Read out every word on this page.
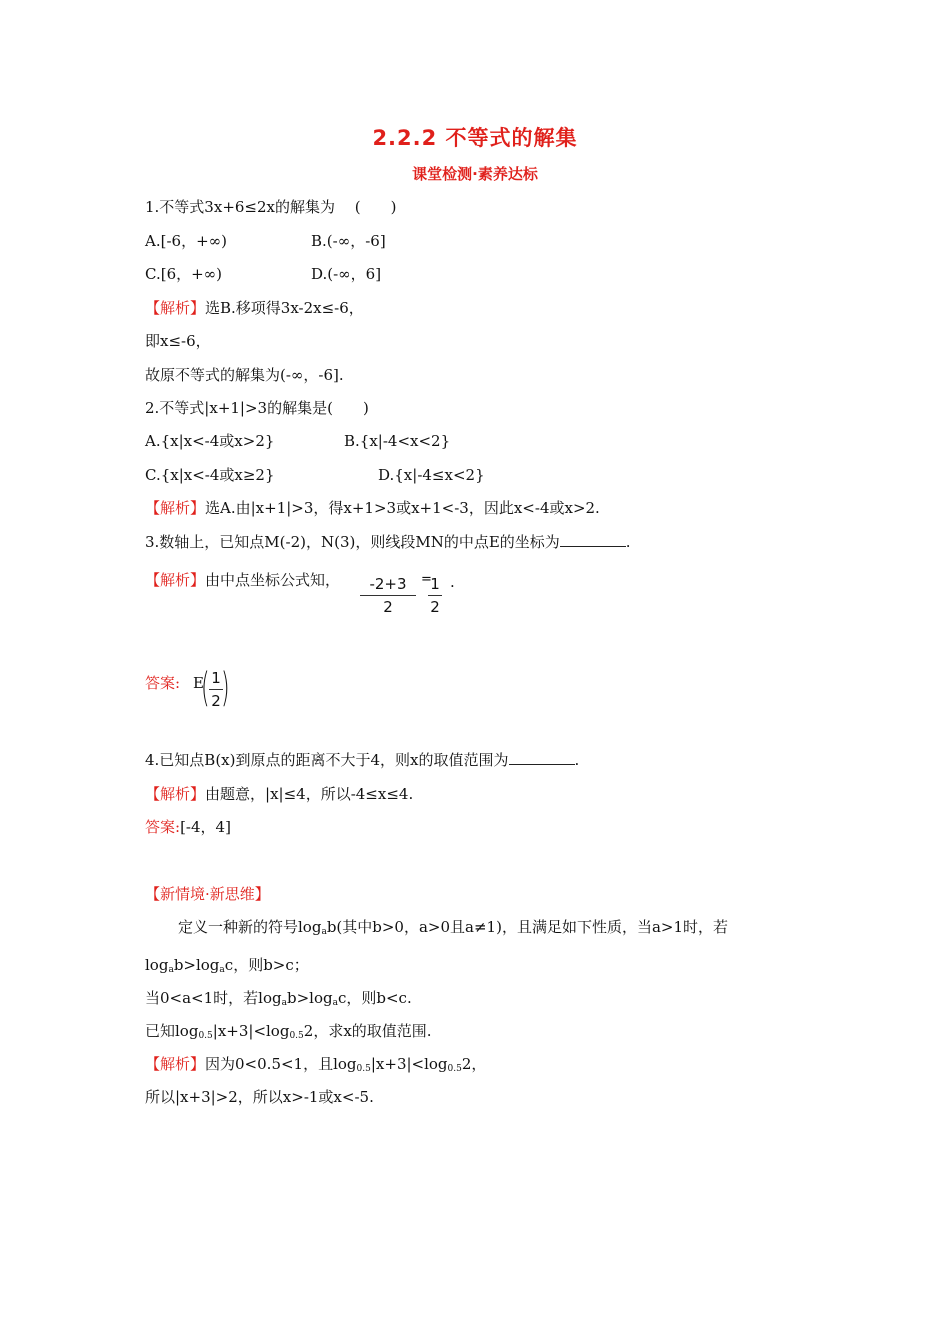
2.2.2 不等式的解集
课堂检测·素养达标
1.不等式3x+6≤2x的解集为　 (　　)
A.[-6，+∞)	B.(-∞，-6]
C.[6，+∞)	D.(-∞，6]
【解析】选B.移项得3x-2x≤-6，
即x≤-6，
故原不等式的解集为(-∞，-6].
2.不等式|x+1|>3的解集是(　　)
A.{x|x<-4或x>2}	B.{x|-4<x<2}
C.{x|x<-4或x≥2}	D.{x|-4≤x<2}
【解析】选A.由|x+1|>3，得x+1>3或x+1<-3，因此x<-4或x>2.
3.数轴上，已知点M(-2)，N(3)，则线段MN的中点E的坐标为	.
【解析】由中点坐标公式知，	-2+3
2
=
1
2
.
答案: E
( 1
2 )
4.已知点B(x)到原点的距离不大于4，则x的取值范围为	.
【解析】由题意，|x|≤4，所以-4≤x≤4.
答案:[-4，4]
【新情境·新思维】
定义一种新的符号$\log_ab$(其中b>0，a>0且a≠1)，且满足如下性质，当a>1时，若
$\log_ab>\log_ac$，则b>c；
当0<a<1时，若$\log_ab>\log_ac$，则b<c.
已知$\log_{0.5}|x+3|<\log_{0.5}2$，求x的取值范围.
【解析】因为0<0.5<1，且$\log_{0.5}|x+3|<\log_{0.5}2$，
所以|x+3|>2，所以x>-1或x<-5.
